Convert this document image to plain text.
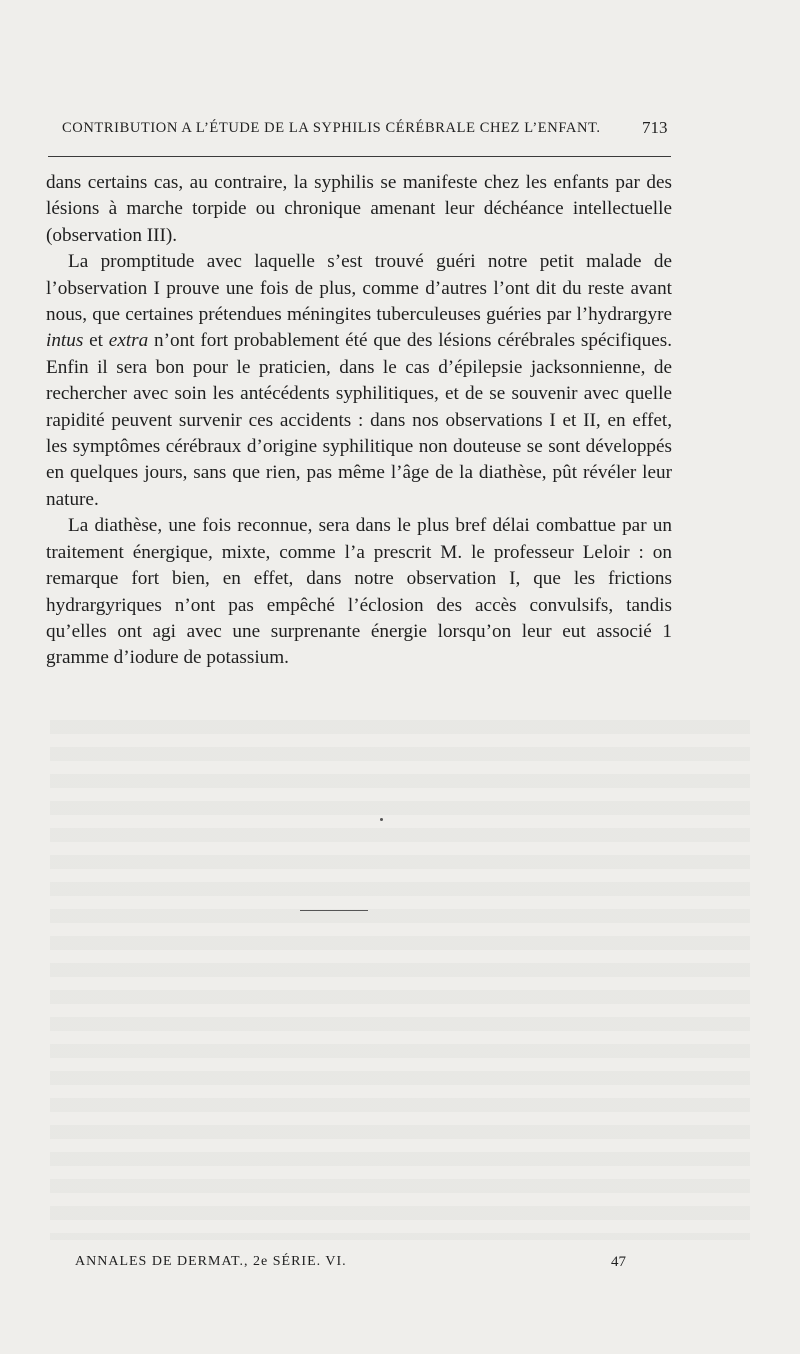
CONTRIBUTION A L’ÉTUDE DE LA SYPHILIS CÉRÉBRALE CHEZ L’ENFANT.	713

dans certains cas, au contraire, la syphilis se manifeste chez les enfants par des lésions à marche torpide ou chronique amenant leur déchéance intellectuelle (observation III).

La promptitude avec laquelle s’est trouvé guéri notre petit malade de l’observation I prouve une fois de plus, comme d’autres l’ont dit du reste avant nous, que certaines prétendues méningites tuberculeuses guéries par l’hydrargyre intus et extra n’ont fort probablement été que des lésions cérébrales spécifiques. Enfin il sera bon pour le praticien, dans le cas d’épilepsie jacksonnienne, de rechercher avec soin les antécédents syphilitiques, et de se souvenir avec quelle rapidité peuvent survenir ces accidents : dans nos observations I et II, en effet, les symptômes cérébraux d’origine syphilitique non douteuse se sont développés en quelques jours, sans que rien, pas même l’âge de la diathèse, pût révéler leur nature.

La diathèse, une fois reconnue, sera dans le plus bref délai combattue par un traitement énergique, mixte, comme l’a prescrit M. le professeur Leloir : on remarque fort bien, en effet, dans notre observation I, que les frictions hydrargyriques n’ont pas empêché l’éclosion des accès convulsifs, tandis qu’elles ont agi avec une surprenante énergie lorsqu’on leur eut associé 1 gramme d’iodure de potassium.

ANNALES DE DERMAT., 2e SÉRIE. VI.	47
